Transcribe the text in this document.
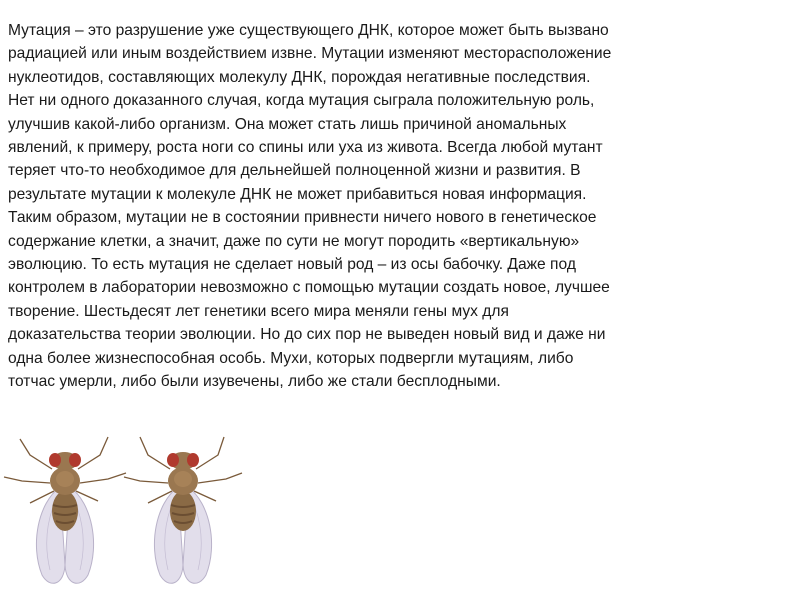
Мутация – это разрушение уже существующего ДНК, которое может быть вызвано
радиацией или иным воздействием извне. Мутации изменяют месторасположение
нуклеотидов, составляющих молекулу ДНК, порождая негативные последствия.
Нет ни одного доказанного случая, когда мутация сыграла положительную роль,
улучшив какой-либо организм. Она может стать лишь причиной аномальных
явлений, к примеру, роста ноги со спины или уха из живота. Всегда любой мутант
теряет что-то необходимое для дельнейшей полноценной жизни и развития. В
результате мутации к молекуле ДНК не может прибавиться новая информация.
Таким образом, мутации не в состоянии привнести ничего нового в генетическое
содержание клетки, а значит, даже по сути не могут породить «вертикальную»
эволюцию. То есть мутация не сделает новый род – из осы бабочку. Даже под
контролем в лаборатории невозможно с помощью мутации создать новое, лучшее
творение. Шестьдесят лет генетики всего мира меняли гены мух для
доказательства теории эволюции. Но до сих пор не выведен новый вид и даже ни
одна более жизнеспособная особь. Мухи, которых подвергли мутациям, либо
тотчас умерли, либо были изувечены, либо же стали бесплодными.
